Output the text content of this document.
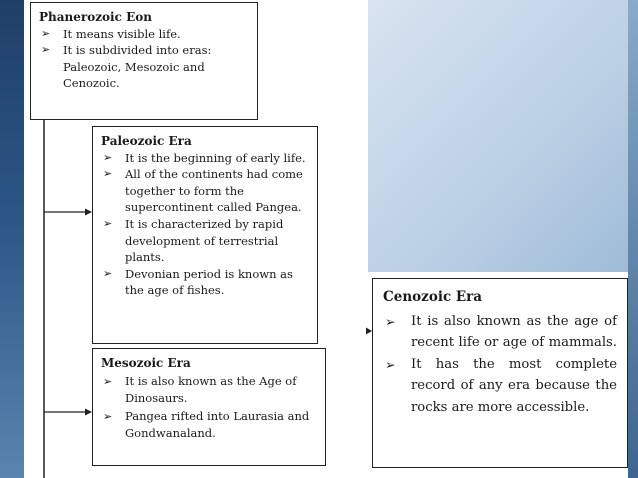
Phanerozoic Eon
➢ It means visible life.
➢ It is subdivided into eras:

Paleozoic, Mesozoic and Cenozoic.

Paleozoic Era
➢ It is the beginning of early life.
➢ All of the continents had come together to form the supercontinent called Pangea.
➢ It is characterized by rapid development of terrestrial plants.
➢ Devonian period is known as the age of fishes.
Mesozoic Era
➢ It is also known as the Age of Dinosaurs.
➢ Pangea rifted into Laurasia and Gondwanaland.
Cenozoic Era
➢ It is also known as the age of recent life or age of mammals.
➢ It has the most complete record of any era because the rocks are more accessible.
